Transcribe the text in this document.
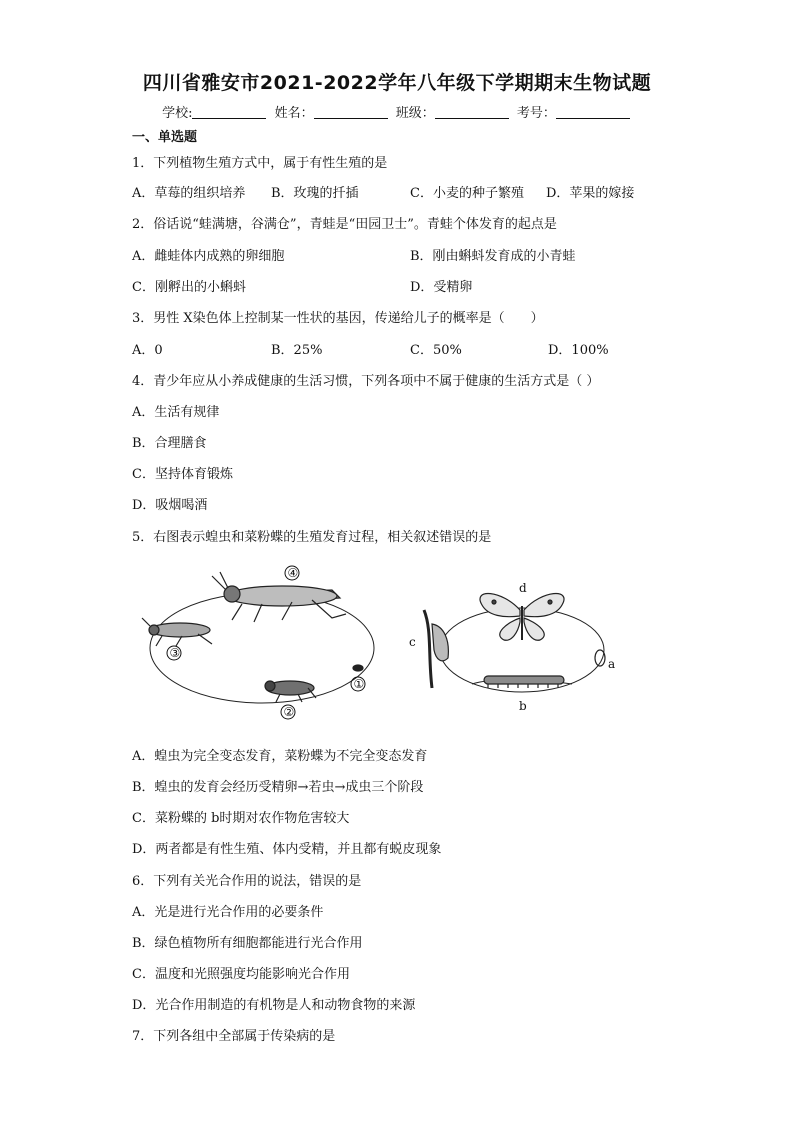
四川省雅安市2021-2022学年八年级下学期期末生物试题
学校:	姓名：	班级：	考号：
一、单选题
1．下列植物生殖方式中，属于有性生殖的是
A．草莓的组织培养 B．玫瑰的扦插	C．小麦的种子繁殖 D．苹果的嫁接
2．俗话说“蛙满塘，谷满仓”，青蛙是“田园卫士”。青蛙个体发育的起点是
A．雌蛙体内成熟的卵细胞	B．刚由蝌蚪发育成的小青蛙
C．刚孵出的小蝌蚪	D．受精卵
3．男性 X染色体上控制某一性状的基因，传递给儿子的概率是（　　）
A．0	B．25%	C．50%	D．100%
4．青少年应从小养成健康的生活习惯，下列各项中不属于健康的生活方式是（ ）
A．生活有规律
B．合理膳食
C．坚持体育锻炼
D．吸烟喝酒
5．右图表示蝗虫和菜粉蝶的生殖发育过程，相关叙述错误的是
④
③
②
①
d
c
b
a
A．蝗虫为完全变态发育，菜粉蝶为不完全变态发育
B．蝗虫的发育会经历受精卵→若虫→成虫三个阶段
C．菜粉蝶的 b时期对农作物危害较大
D．两者都是有性生殖、体内受精，并且都有蜕皮现象
6．下列有关光合作用的说法，错误的是
A．光是进行光合作用的必要条件
B．绿色植物所有细胞都能进行光合作用
C．温度和光照强度均能影响光合作用
D．光合作用制造的有机物是人和动物食物的来源
7．下列各组中全部属于传染病的是
